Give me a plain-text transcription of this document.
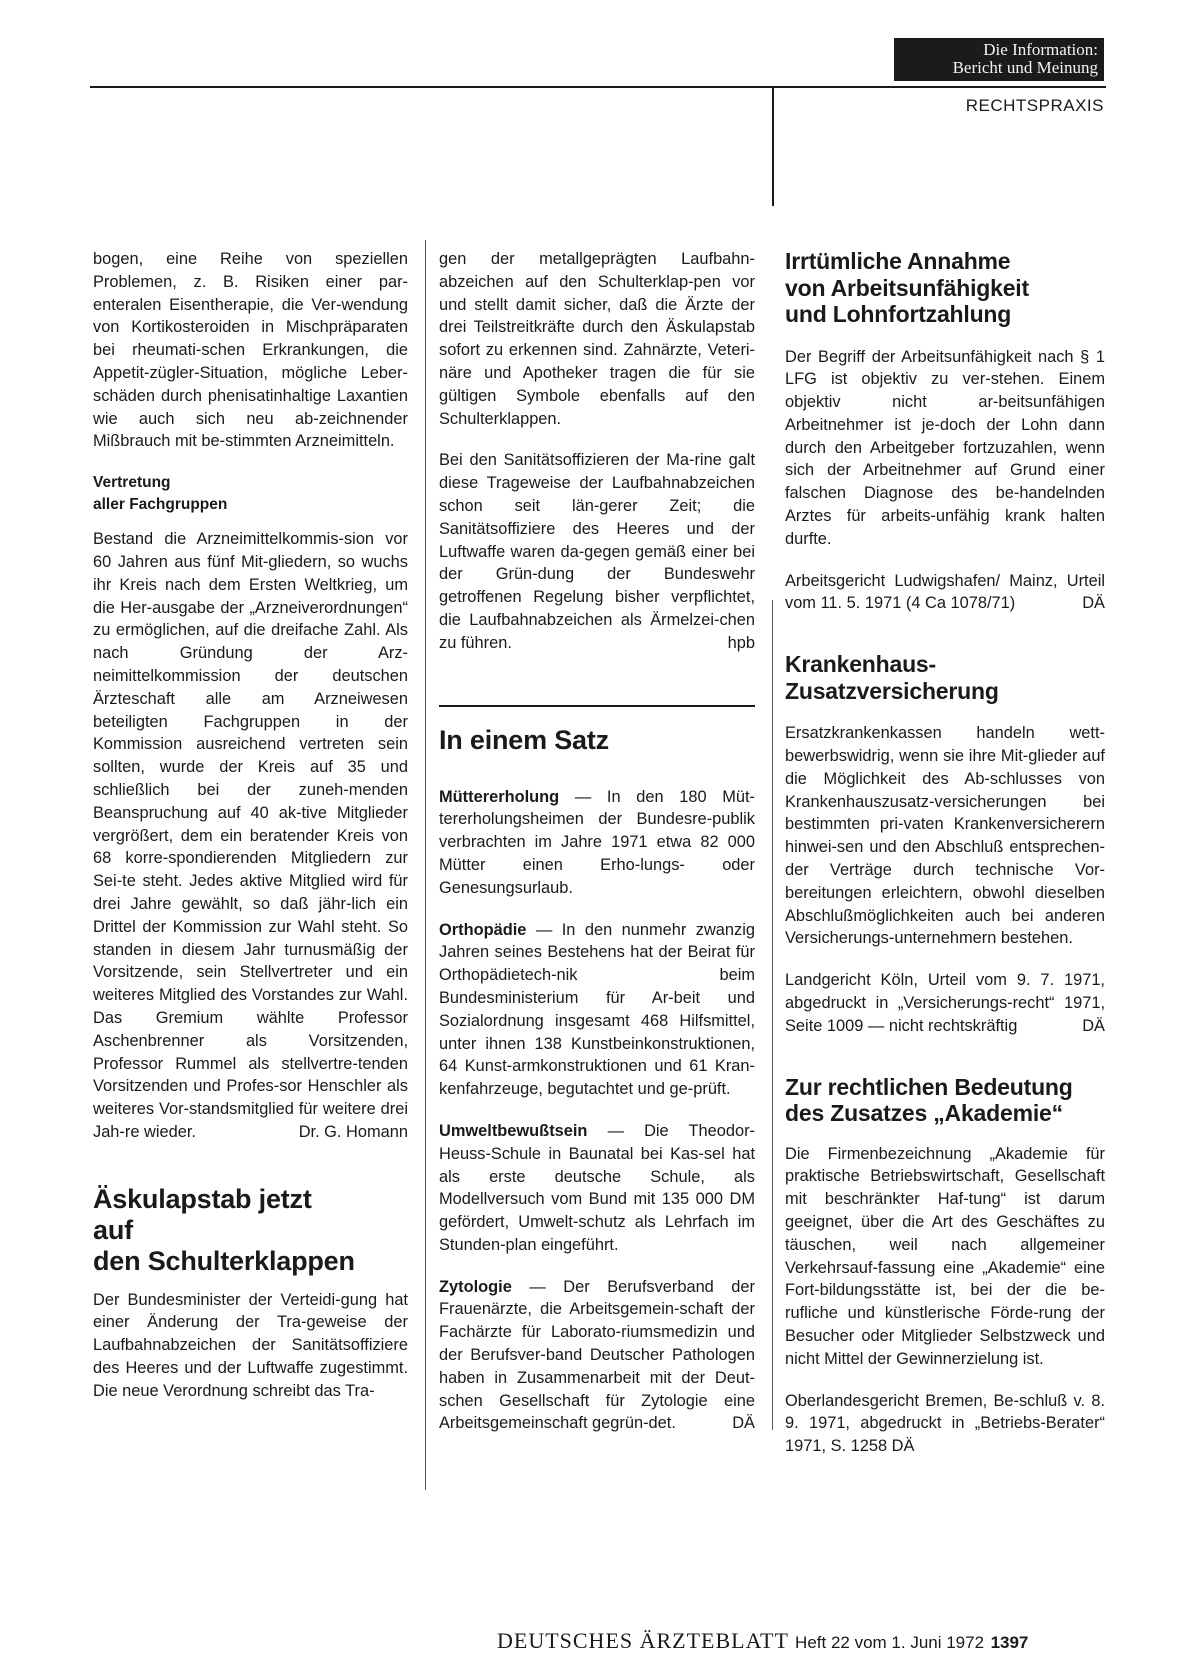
Die Information:
Bericht und Meinung
RECHTSPRAXIS

bogen, eine Reihe von speziellen Problemen, z. B. Risiken einer par-enteralen Eisentherapie, die Ver-wendung von Kortikosteroiden in Mischpräparaten bei rheumati-schen Erkrankungen, die Appetit-zügler-Situation, mögliche Leber-schäden durch phenisatinhaltige Laxantien wie auch sich neu ab-zeichnender Mißbrauch mit be-stimmten Arzneimitteln.

Vertretung
aller Fachgruppen

Bestand die Arzneimittelkommis-sion vor 60 Jahren aus fünf Mit-gliedern, so wuchs ihr Kreis nach dem Ersten Weltkrieg, um die Her-ausgabe der „Arzneiverordnungen“ zu ermöglichen, auf die dreifache Zahl. Als nach Gründung der Arz-neimittelkommission der deutschen Ärzteschaft alle am Arzneiwesen beteiligten Fachgruppen in der Kommission ausreichend vertreten sein sollten, wurde der Kreis auf 35 und schließlich bei der zuneh-menden Beanspruchung auf 40 ak-tive Mitglieder vergrößert, dem ein beratender Kreis von 68 korre-spondierenden Mitgliedern zur Sei-te steht. Jedes aktive Mitglied wird für drei Jahre gewählt, so daß jähr-lich ein Drittel der Kommission zur Wahl steht. So standen in diesem Jahr turnusmäßig der Vorsitzende, sein Stellvertreter und ein weiteres Mitglied des Vorstandes zur Wahl. Das Gremium wählte Professor Aschenbrenner als Vorsitzenden, Professor Rummel als stellvertre-tenden Vorsitzenden und Profes-sor Henschler als weiteres Vor-standsmitglied für weitere drei Jah-re wieder.	Dr. G. Homann

Äskulapstab jetzt
auf
den Schulterklappen

Der Bundesminister der Verteidi-gung hat einer Änderung der Tra-geweise der Laufbahnabzeichen der Sanitätsoffiziere des Heeres und der Luftwaffe zugestimmt. Die neue Verordnung schreibt das Tra-

gen der metallgeprägten Laufbahn-abzeichen auf den Schulterklap-pen vor und stellt damit sicher, daß die Ärzte der drei Teilstreitkräfte durch den Äskulapstab sofort zu erkennen sind. Zahnärzte, Veteri-näre und Apotheker tragen die für sie gültigen Symbole ebenfalls auf den Schulterklappen.

Bei den Sanitätsoffizieren der Ma-rine galt diese Trageweise der Laufbahnabzeichen schon seit län-gerer Zeit; die Sanitätsoffiziere des Heeres und der Luftwaffe waren da-gegen gemäß einer bei der Grün-dung der Bundeswehr getroffenen Regelung bisher verpflichtet, die Laufbahnabzeichen als Ärmelzei-chen zu führen.	hpb

In einem Satz

Müttererholung — In den 180 Müt-tererholungsheimen der Bundesre-publik verbrachten im Jahre 1971 etwa 82 000 Mütter einen Erho-lungs- oder Genesungsurlaub.

Orthopädie — In den nunmehr zwanzig Jahren seines Bestehens hat der Beirat für Orthopädietech-nik beim Bundesministerium für Ar-beit und Sozialordnung insgesamt 468 Hilfsmittel, unter ihnen 138 Kunstbeinkonstruktionen, 64 Kunst-armkonstruktionen und 61 Kran-kenfahrzeuge, begutachtet und ge-prüft.

Umweltbewußtsein — Die Theodor-Heuss-Schule in Baunatal bei Kas-sel hat als erste deutsche Schule, als Modellversuch vom Bund mit 135 000 DM gefördert, Umwelt-schutz als Lehrfach im Stunden-plan eingeführt.

Zytologie — Der Berufsverband der Frauenärzte, die Arbeitsgemein-schaft der Fachärzte für Laborato-riumsmedizin und der Berufsver-band Deutscher Pathologen haben in Zusammenarbeit mit der Deut-schen Gesellschaft für Zytologie eine Arbeitsgemeinschaft gegrün-det.	DÄ

Irrtümliche Annahme
von Arbeitsunfähigkeit
und Lohnfortzahlung

Der Begriff der Arbeitsunfähigkeit nach § 1 LFG ist objektiv zu ver-stehen. Einem objektiv nicht ar-beitsunfähigen Arbeitnehmer ist je-doch der Lohn dann durch den Arbeitgeber fortzuzahlen, wenn sich der Arbeitnehmer auf Grund einer falschen Diagnose des be-handelnden Arztes für arbeits-unfähig krank halten durfte.

Arbeitsgericht Ludwigshafen/ Mainz, Urteil vom 11. 5. 1971 (4 Ca 1078/71)	DÄ

Krankenhaus-
Zusatzversicherung

Ersatzkrankenkassen handeln wett-bewerbswidrig, wenn sie ihre Mit-glieder auf die Möglichkeit des Ab-schlusses von Krankenhauszusatz-versicherungen bei bestimmten pri-vaten Krankenversicherern hinwei-sen und den Abschluß entsprechen-der Verträge durch technische Vor-bereitungen erleichtern, obwohl dieselben Abschlußmöglichkeiten auch bei anderen Versicherungs-unternehmern bestehen.

Landgericht Köln, Urteil vom 9. 7. 1971, abgedruckt in „Versicherungs-recht“ 1971, Seite 1009 — nicht rechtskräftig	DÄ

Zur rechtlichen Bedeutung
des Zusatzes „Akademie“

Die Firmenbezeichnung „Akademie für praktische Betriebswirtschaft, Gesellschaft mit beschränkter Haf-tung“ ist darum geeignet, über die Art des Geschäftes zu täuschen, weil nach allgemeiner Verkehrsauf-fassung eine „Akademie“ eine Fort-bildungsstätte ist, bei der die be-rufliche und künstlerische Förde-rung der Besucher oder Mitglieder Selbstzweck und nicht Mittel der Gewinnerzielung ist.

Oberlandesgericht Bremen, Be-schluß v. 8. 9. 1971, abgedruckt in „Betriebs-Berater“ 1971, S. 1258 DÄ

DEUTSCHES ÄRZTEBLATT Heft 22 vom 1. Juni 1972 1397
